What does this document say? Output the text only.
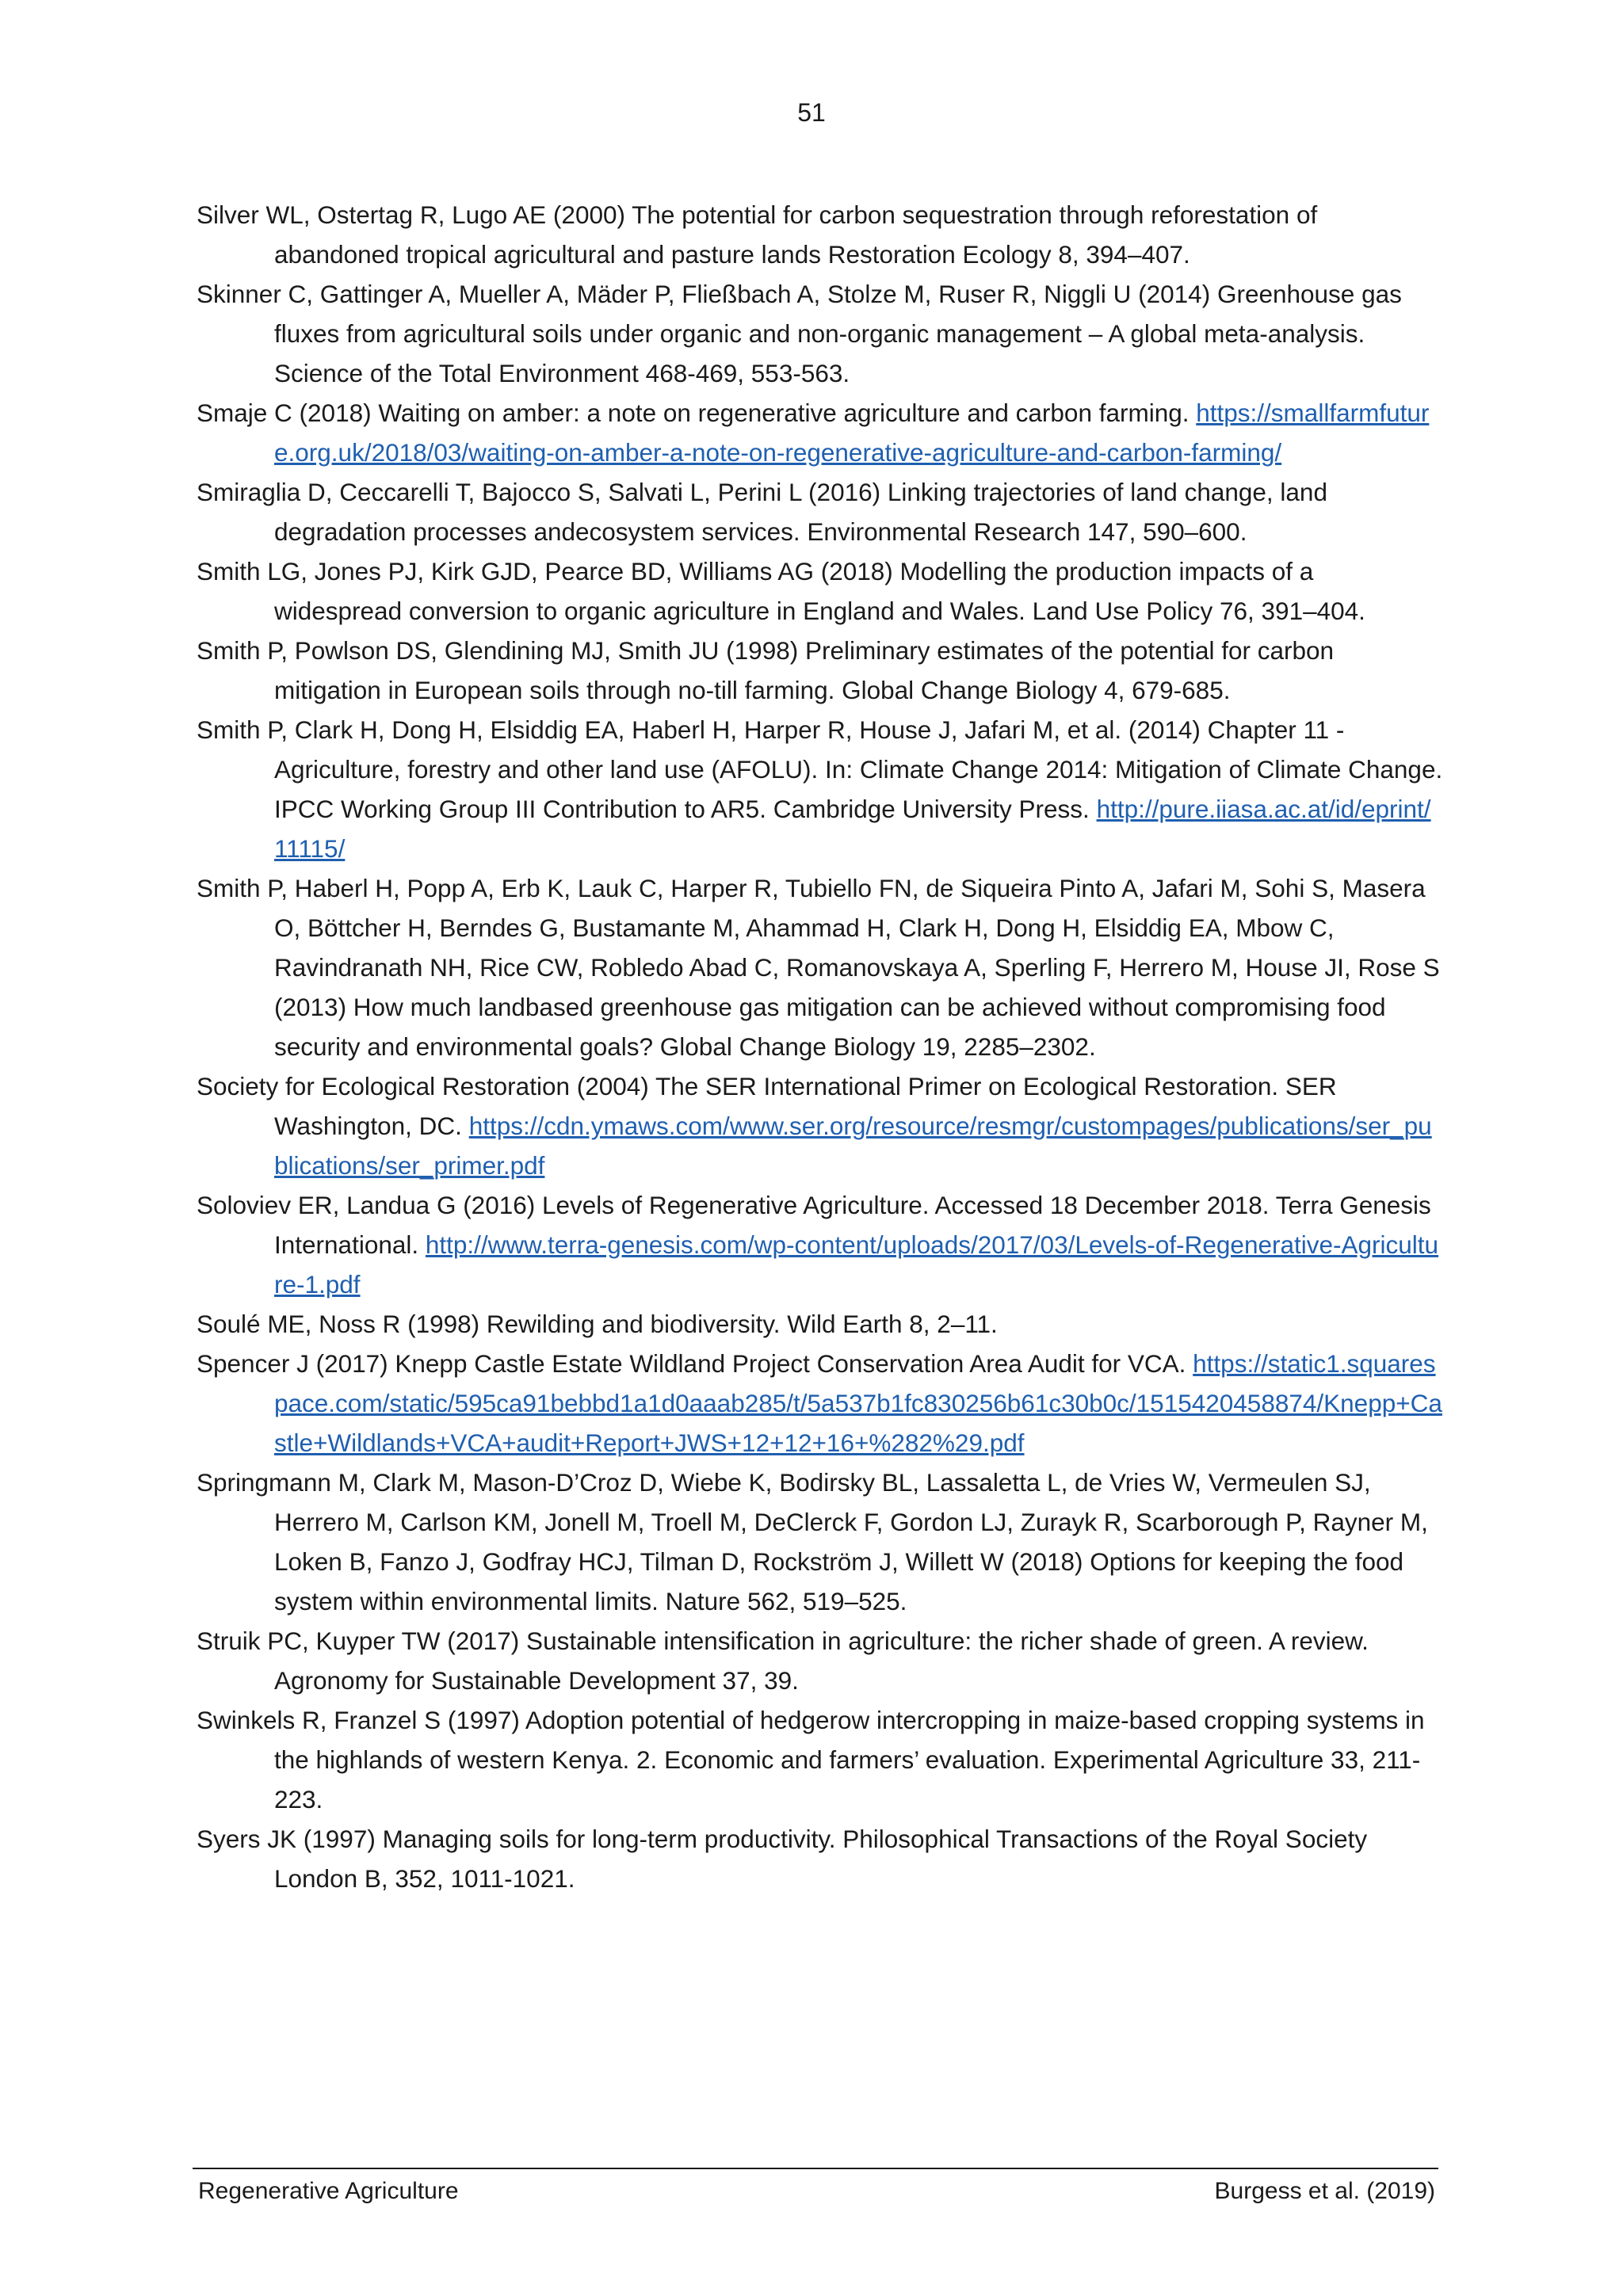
51
Silver WL, Ostertag R, Lugo AE (2000) The potential for carbon sequestration through reforestation of abandoned tropical agricultural and pasture lands Restoration Ecology 8, 394–407.
Skinner C, Gattinger A, Mueller A, Mäder P, Fließbach A, Stolze M, Ruser R, Niggli U (2014) Greenhouse gas fluxes from agricultural soils under organic and non-organic management – A global meta-analysis. Science of the Total Environment 468-469, 553-563.
Smaje C (2018) Waiting on amber: a note on regenerative agriculture and carbon farming. https://smallfarmfuture.org.uk/2018/03/waiting-on-amber-a-note-on-regenerative-agriculture-and-carbon-farming/
Smiraglia D, Ceccarelli T, Bajocco S, Salvati L, Perini L (2016) Linking trajectories of land change, land degradation processes andecosystem services. Environmental Research 147, 590–600.
Smith LG, Jones PJ, Kirk GJD, Pearce BD, Williams AG (2018) Modelling the production impacts of a widespread conversion to organic agriculture in England and Wales. Land Use Policy 76, 391–404.
Smith P, Powlson DS, Glendining MJ, Smith JU (1998) Preliminary estimates of the potential for carbon mitigation in European soils through no-till farming. Global Change Biology 4, 679-685.
Smith P, Clark H, Dong H, Elsiddig EA, Haberl H, Harper R, House J, Jafari M, et al. (2014) Chapter 11 - Agriculture, forestry and other land use (AFOLU). In: Climate Change 2014: Mitigation of Climate Change. IPCC Working Group III Contribution to AR5. Cambridge University Press. http://pure.iiasa.ac.at/id/eprint/11115/
Smith P, Haberl H, Popp A, Erb K, Lauk C, Harper R, Tubiello FN, de Siqueira Pinto A, Jafari M, Sohi S, Masera O, Böttcher H, Berndes G, Bustamante M, Ahammad H, Clark H, Dong H, Elsiddig EA, Mbow C, Ravindranath NH, Rice CW, Robledo Abad C, Romanovskaya A, Sperling F, Herrero M, House JI, Rose S (2013) How much landbased greenhouse gas mitigation can be achieved without compromising food security and environmental goals? Global Change Biology 19, 2285–2302.
Society for Ecological Restoration (2004) The SER International Primer on Ecological Restoration. SER Washington, DC. https://cdn.ymaws.com/www.ser.org/resource/resmgr/custompages/publications/ser_publications/ser_primer.pdf
Soloviev ER, Landua G (2016) Levels of Regenerative Agriculture. Accessed 18 December 2018. Terra Genesis International. http://www.terra-genesis.com/wp-content/uploads/2017/03/Levels-of-Regenerative-Agriculture-1.pdf
Soulé ME, Noss R (1998) Rewilding and biodiversity. Wild Earth 8, 2–11.
Spencer J (2017) Knepp Castle Estate Wildland Project Conservation Area Audit for VCA. https://static1.squarespace.com/static/595ca91bebbd1a1d0aaab285/t/5a537b1fc830256b61c30b0c/1515420458874/Knepp+Castle+Wildlands+VCA+audit+Report+JWS+12+12+16+%282%29.pdf
Springmann M, Clark M, Mason-D’Croz D, Wiebe K, Bodirsky BL, Lassaletta L, de Vries W, Vermeulen SJ, Herrero M, Carlson KM, Jonell M, Troell M, DeClerck F, Gordon LJ, Zurayk R, Scarborough P, Rayner M, Loken B, Fanzo J, Godfray HCJ, Tilman D, Rockström J, Willett W (2018) Options for keeping the food system within environmental limits. Nature 562, 519–525.
Struik PC, Kuyper TW (2017) Sustainable intensification in agriculture: the richer shade of green. A review. Agronomy for Sustainable Development 37, 39.
Swinkels R, Franzel S (1997) Adoption potential of hedgerow intercropping in maize-based cropping systems in the highlands of western Kenya. 2. Economic and farmers’ evaluation. Experimental Agriculture 33, 211-223.
Syers JK (1997) Managing soils for long-term productivity. Philosophical Transactions of the Royal Society London B, 352, 1011-1021.
Regenerative Agriculture	Burgess et al. (2019)
